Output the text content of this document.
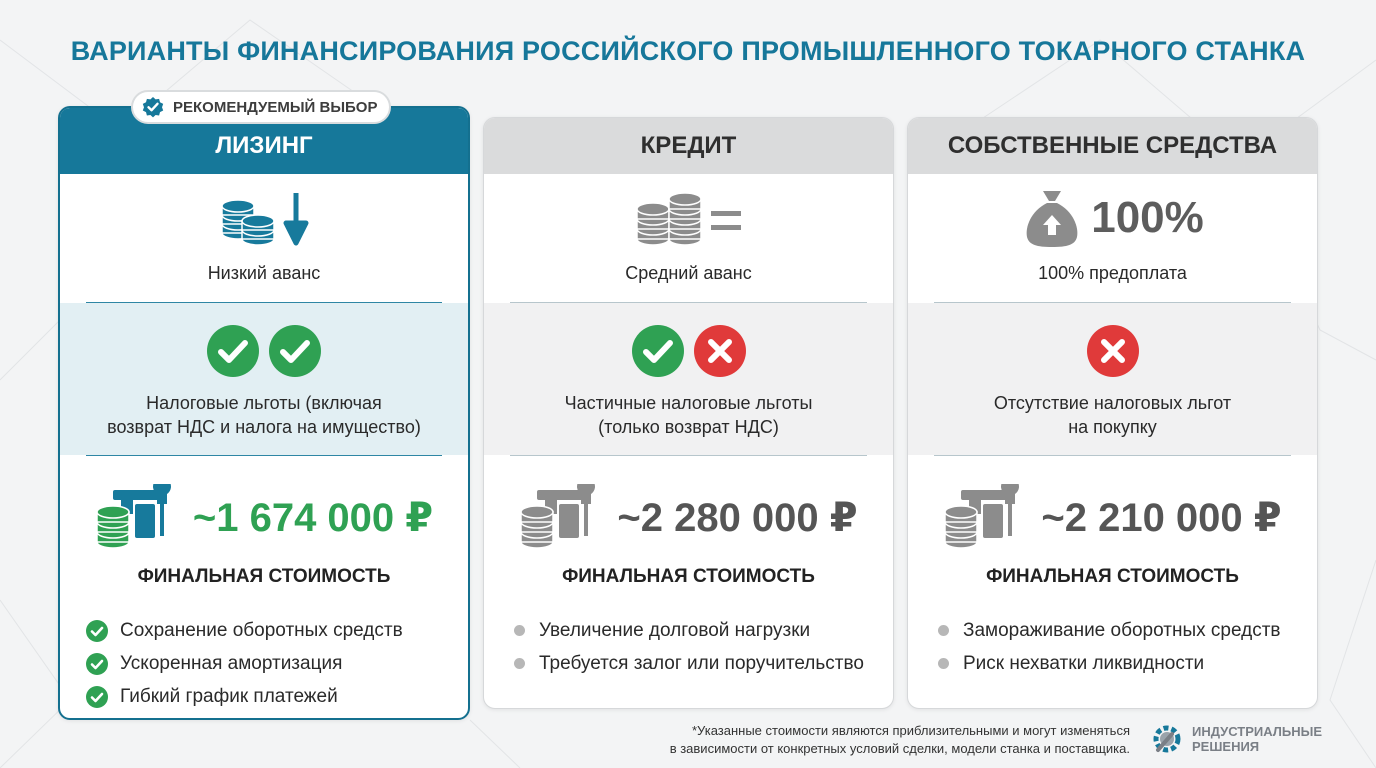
ВАРИАНТЫ ФИНАНСИРОВАНИЯ РОССИЙСКОГО ПРОМЫШЛЕННОГО ТОКАРНОГО СТАНКА
РЕКОМЕНДУЕМЫЙ ВЫБОР
ЛИЗИНГ
Низкий аванс
Налоговые льготы (включая
возврат НДС и налога на имущество)
~1 674 000 ₽
ФИНАЛЬНАЯ СТОИМОСТЬ
Сохранение оборотных средств
Ускоренная амортизация
Гибкий график платежей
КРЕДИТ
Средний аванс
Частичные налоговые льготы
(только возврат НДС)
~2 280 000 ₽
ФИНАЛЬНАЯ СТОИМОСТЬ
Увеличение долговой нагрузки
Требуется залог или поручительство
СОБСТВЕННЫЕ СРЕДСТВА
100%
100% предоплата
Отсутствие налоговых льгот
на покупку
~2 210 000 ₽
ФИНАЛЬНАЯ СТОИМОСТЬ
Замораживание оборотных средств
Риск нехватки ликвидности
*Указанные стоимости являются приблизительными и могут изменяться
в зависимости от конкретных условий сделки, модели станка и поставщика.
ИНДУСТРИАЛЬНЫЕ
РЕШЕНИЯ
